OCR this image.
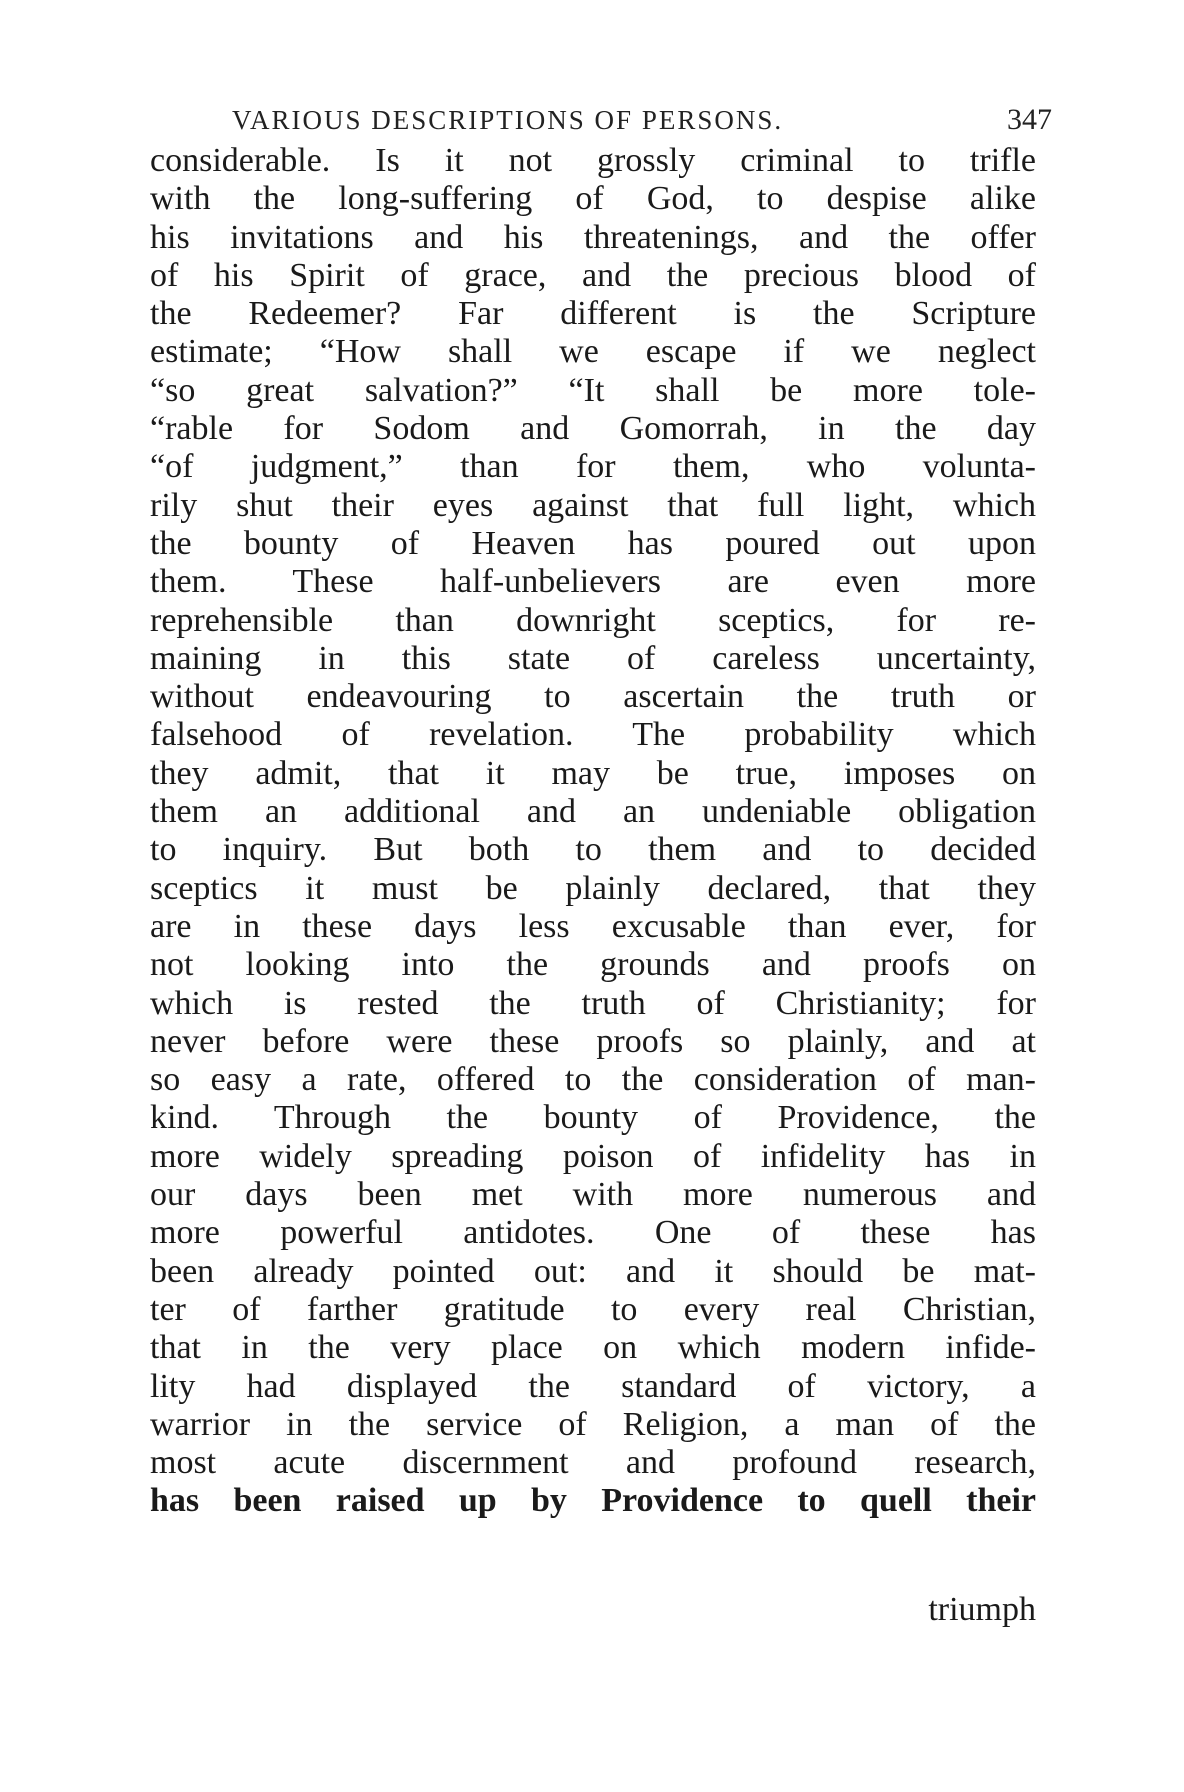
VARIOUS DESCRIPTIONS OF PERSONS.	347
considerable. Is it not grossly criminal to trifle
with the long-suffering of God, to despise alike
his invitations and his threatenings, and the offer
of his Spirit of grace, and the precious blood of
the Redeemer? Far different is the Scripture
estimate; “How shall we escape if we neglect
“so great salvation?” “It shall be more tole-
“rable for Sodom and Gomorrah, in the day
“of judgment,” than for them, who volunta-
rily shut their eyes against that full light, which
the bounty of Heaven has poured out upon
them. These half-unbelievers are even more
reprehensible than downright sceptics, for re-
maining in this state of careless uncertainty,
without endeavouring to ascertain the truth or
falsehood of revelation. The probability which
they admit, that it may be true, imposes on
them an additional and an undeniable obligation
to inquiry. But both to them and to decided
sceptics it must be plainly declared, that they
are in these days less excusable than ever, for
not looking into the grounds and proofs on
which is rested the truth of Christianity; for
never before were these proofs so plainly, and at
so easy a rate, offered to the consideration of man-
kind. Through the bounty of Providence, the
more widely spreading poison of infidelity has in
our days been met with more numerous and
more powerful antidotes. One of these has
been already pointed out: and it should be mat-
ter of farther gratitude to every real Christian,
that in the very place on which modern infide-
lity had displayed the standard of victory, a
warrior in the service of Religion, a man of the
most acute discernment and profound research,
has been raised up by Providence to quell their
triumph
